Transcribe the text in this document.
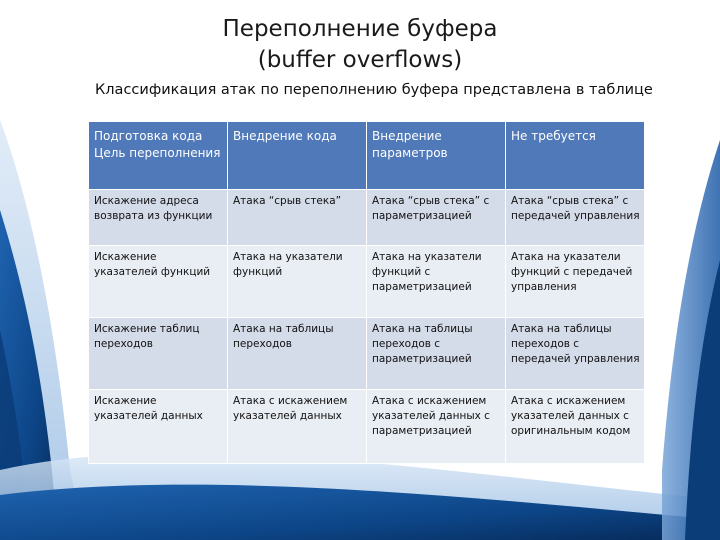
Переполнение буфера
(buffer overflows)
Классификация атак по переполнению буфера представлена в таблице
Подготовка кода Цель переполнения	Внедрение кода	Внедрение параметров	Не требуется
Искажение адреса возврата из функции	Атака “срыв стека”	Атака “срыв стека” с параметризацией	Атака “срыв стека” с передачей управления
Искажение указателей функций	Атака на указатели функций	Атака на указатели функций с параметризацией	Атака на указатели функций с передачей управления
Искажение таблиц переходов	Атака на таблицы переходов	Атака на таблицы переходов с параметризацией	Атака на таблицы переходов с передачей управления
Искажение указателей данных	Атака с искажением указателей данных	Атака с искажением указателей данных с параметризацией	Атака с искажением указателей данных с оригинальным кодом
